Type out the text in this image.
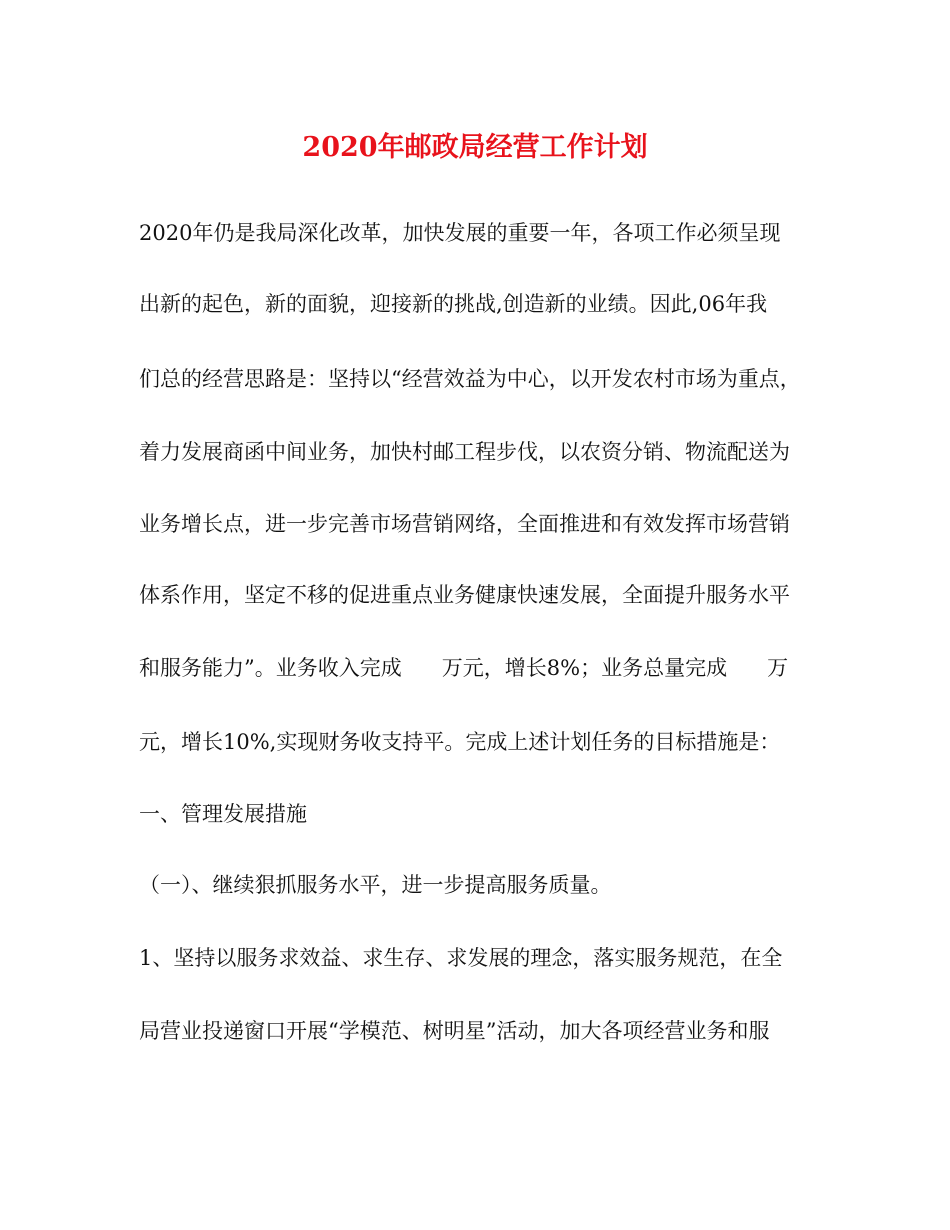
2020年邮政局经营工作计划

2020年仍是我局深化改革，加快发展的重要一年，各项工作必须呈现

出新的起色，新的面貌，迎接新的挑战,创造新的业绩。因此,06年我

们总的经营思路是：坚持以“经营效益为中心，以开发农村市场为重点，

着力发展商函中间业务，加快村邮工程步伐，以农资分销、物流配送为

业务增长点，进一步完善市场营销网络，全面推进和有效发挥市场营销

体系作用，坚定不移的促进重点业务健康快速发展，全面提升服务水平

和服务能力”。业务收入完成      万元，增长8%；业务总量完成      万

元，增长10%,实现财务收支持平。完成上述计划任务的目标措施是：

一、管理发展措施

（一）、继续狠抓服务水平，进一步提高服务质量。

1、坚持以服务求效益、求生存、求发展的理念，落实服务规范，在全

局营业投递窗口开展“学模范、树明星”活动，加大各项经营业务和服
